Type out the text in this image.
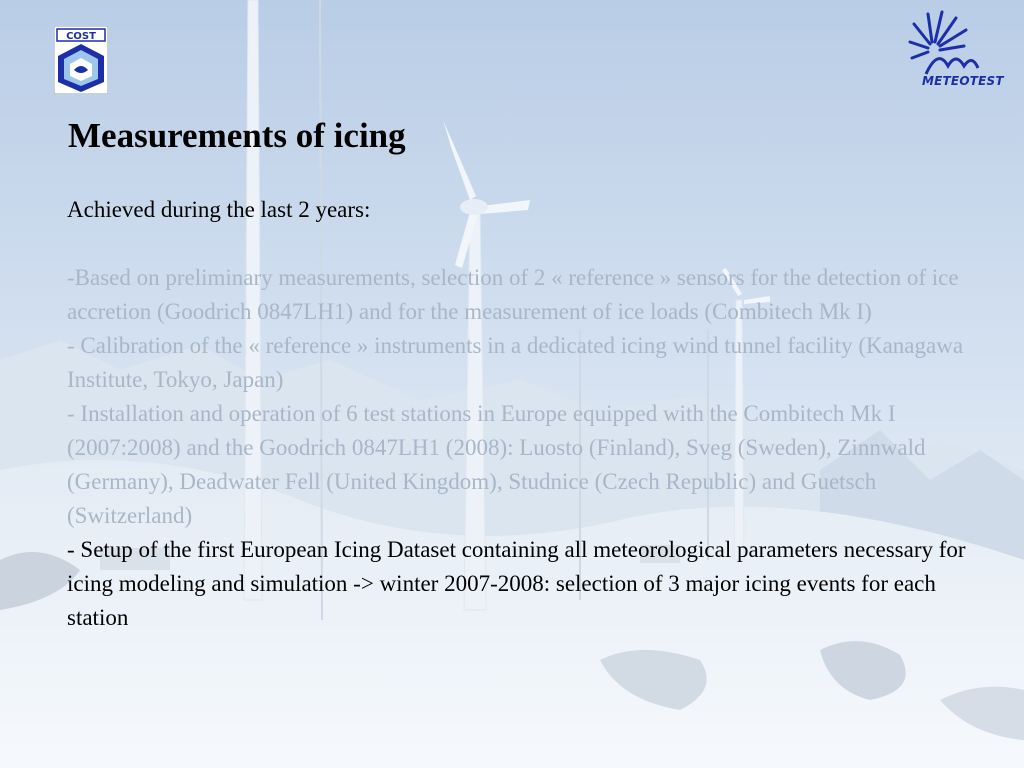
COST
METEOTEST
Measurements of icing

Achieved during the last 2 years:

-Based on preliminary measurements, selection of 2 « reference » sensors for the detection of ice accretion (Goodrich 0847LH1) and for the measurement of ice loads (Combitech Mk I)

- Calibration of the « reference » instruments in a dedicated icing wind tunnel facility (Kanagawa Institute, Tokyo, Japan)

- Installation and operation of 6 test stations in Europe equipped with the Combitech Mk I (2007:2008) and the Goodrich 0847LH1 (2008): Luosto (Finland), Sveg (Sweden), Zinnwald (Germany), Deadwater Fell (United Kingdom), Studnice (Czech Republic) and Guetsch (Switzerland)

- Setup of the first European Icing Dataset containing all meteorological parameters necessary for icing modeling and simulation -> winter 2007-2008: selection of 3 major icing events for each station
